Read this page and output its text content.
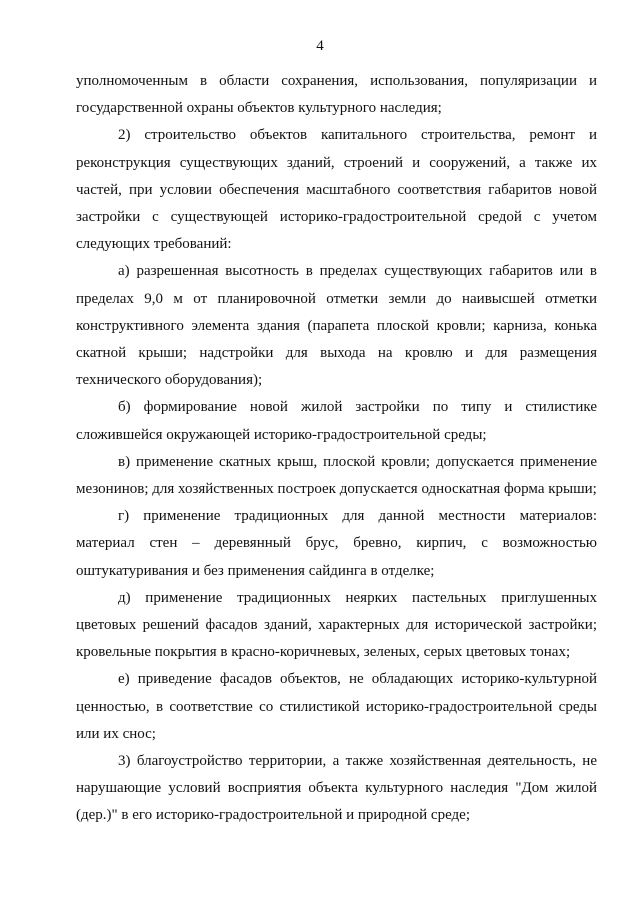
4

уполномоченным в области сохранения, использования, популяризации и государственной охраны объектов культурного наследия;

2) строительство объектов капитального строительства, ремонт и реконструкция существующих зданий, строений и сооружений, а также их частей, при условии обеспечения масштабного соответствия габаритов новой застройки с существующей историко-градостроительной средой с учетом следующих требований:

а) разрешенная высотность в пределах существующих габаритов или в пределах 9,0 м от планировочной отметки земли до наивысшей отметки конструктивного элемента здания (парапета плоской кровли; карниза, конька скатной крыши; надстройки для выхода на кровлю и для размещения технического оборудования);

б) формирование новой жилой застройки по типу и стилистике сложившейся окружающей историко-градостроительной среды;

в) применение скатных крыш, плоской кровли; допускается применение мезонинов; для хозяйственных построек допускается односкатная форма крыши;

г) применение традиционных для данной местности материалов: материал стен – деревянный брус, бревно, кирпич, с возможностью оштукатуривания и без применения сайдинга в отделке;

д) применение традиционных неярких пастельных приглушенных цветовых решений фасадов зданий, характерных для исторической застройки; кровельные покрытия в красно-коричневых, зеленых, серых цветовых тонах;

е) приведение фасадов объектов, не обладающих историко-культурной ценностью, в соответствие со стилистикой историко-градостроительной среды или их снос;

3) благоустройство территории, а также хозяйственная деятельность, не нарушающие условий восприятия объекта культурного наследия "Дом жилой (дер.)" в его историко-градостроительной и природной среде;
